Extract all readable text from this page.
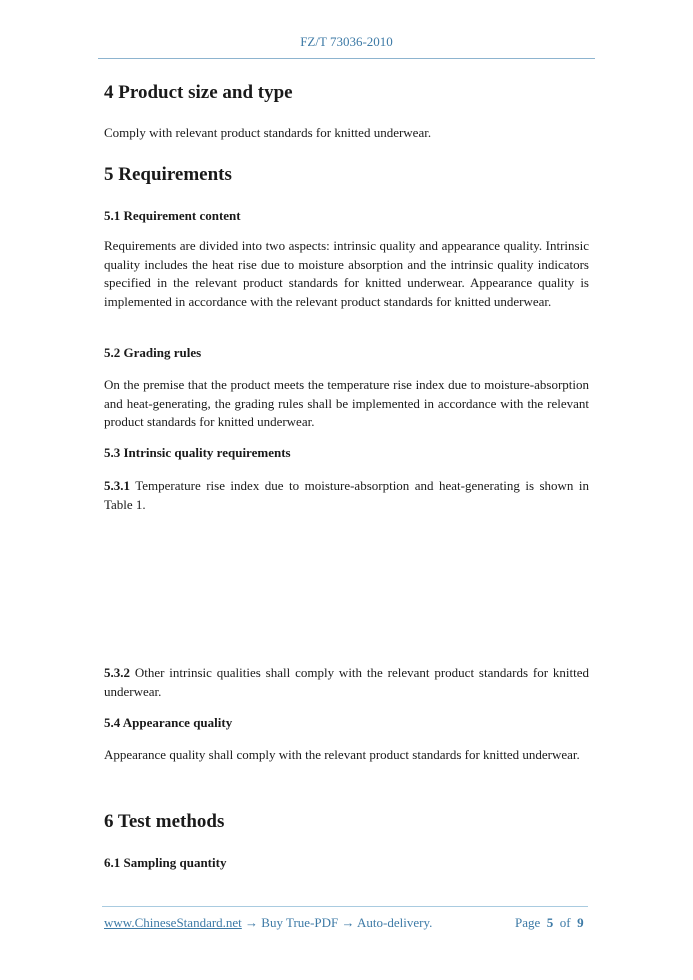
FZ/T 73036-2010
4 Product size and type
Comply with relevant product standards for knitted underwear.
5 Requirements
5.1 Requirement content
Requirements are divided into two aspects: intrinsic quality and appearance quality. Intrinsic quality includes the heat rise due to moisture absorption and the intrinsic quality indicators specified in the relevant product standards for knitted underwear. Appearance quality is implemented in accordance with the relevant product standards for knitted underwear.
5.2 Grading rules
On the premise that the product meets the temperature rise index due to moisture-absorption and heat-generating, the grading rules shall be implemented in accordance with the relevant product standards for knitted underwear.
5.3 Intrinsic quality requirements
5.3.1 Temperature rise index due to moisture-absorption and heat-generating is shown in Table 1.
5.3.2 Other intrinsic qualities shall comply with the relevant product standards for knitted underwear.
5.4 Appearance quality
Appearance quality shall comply with the relevant product standards for knitted underwear.
6 Test methods
6.1 Sampling quantity
www.ChineseStandard.net → Buy True-PDF → Auto-delivery.	Page 5 of 9
